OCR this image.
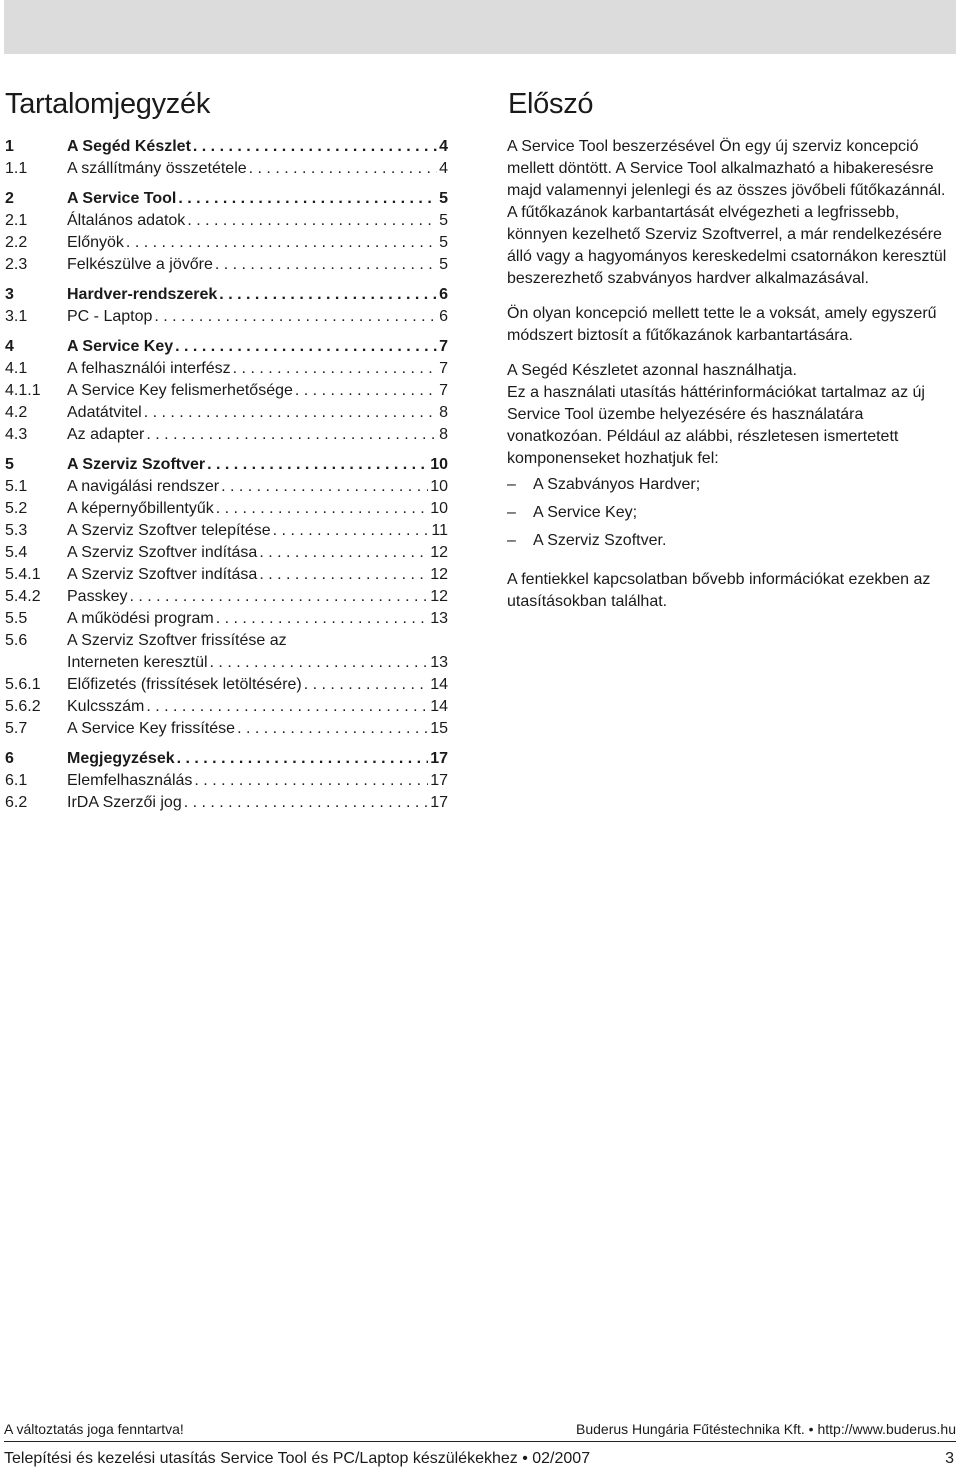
Tartalomjegyzék	Előszó
1	A Segéd Készlet . . .	4
1.1	A szállítmány összetétele . . .	4
2	A Service Tool . . .	5
2.1	Általános adatok . . .	5
2.2	Előnyök . . .	5
2.3	Felkészülve a jövőre . . .	5
3	Hardver-rendszerek . . .	6
3.1	PC - Laptop . . .	6
4	A Service Key . . .	7
4.1	A felhasználói interfész . . .	7
4.1.1	A Service Key felismerhetősége . . .	7
4.2	Adatátvitel . . .	8
4.3	Az adapter . . .	8
5	A Szerviz Szoftver . . .	10
5.1	A navigálási rendszer . . .	10
5.2	A képernyőbillentyűk . . .	10
5.3	A Szerviz Szoftver telepítése . . .	11
5.4	A Szerviz Szoftver indítása . . .	12
5.4.1	A Szerviz Szoftver indítása . . .	12
5.4.2	Passkey . . .	12
5.5	A működési program . . .	13
5.6	A Szerviz Szoftver frissítése az
Interneten keresztül . . .	13
5.6.1	Előfizetés (frissítések letöltésére) . . .	14
5.6.2	Kulcsszám . . .	14
5.7	A Service Key frissítése . . .	15
6	Megjegyzések . . .	17
6.1	Elemfelhasználás . . .	17
6.2	IrDA Szerzői jog . . .	17

A Service Tool beszerzésével Ön egy új szerviz koncepció mellett döntött. A Service Tool alkalmazható a hibakeresésre majd valamennyi jelenlegi és az összes jövőbeli fűtőkazánnál.

A fűtőkazánok karbantartását elvégezheti a legfrissebb, könnyen kezelhető Szerviz Szoftverrel, a már rendelkezésére álló vagy a hagyományos kereskedelmi csatornákon keresztül beszerezhető szabványos hardver alkalmazásával.

Ön olyan koncepció mellett tette le a voksát, amely egyszerű módszert biztosít a fűtőkazánok karbantartására.

A Segéd Készletet azonnal használhatja.

Ez a használati utasítás háttérinformációkat tartalmaz az új Service Tool üzembe helyezésére és használatára vonatkozóan. Például az alábbi, részletesen ismertetett komponenseket hozhatjuk fel:

–	A Szabványos Hardver;
–	A Service Key;
–	A Szerviz Szoftver.

A fentiekkel kapcsolatban bővebb információkat ezekben az utasításokban találhat.

A változtatás joga fenntartva!	Buderus Hungária Fűtéstechnika Kft. • http://www.buderus.hu
Telepítési és kezelési utasítás Service Tool és PC/Laptop készülékekhez • 02/2007	3
